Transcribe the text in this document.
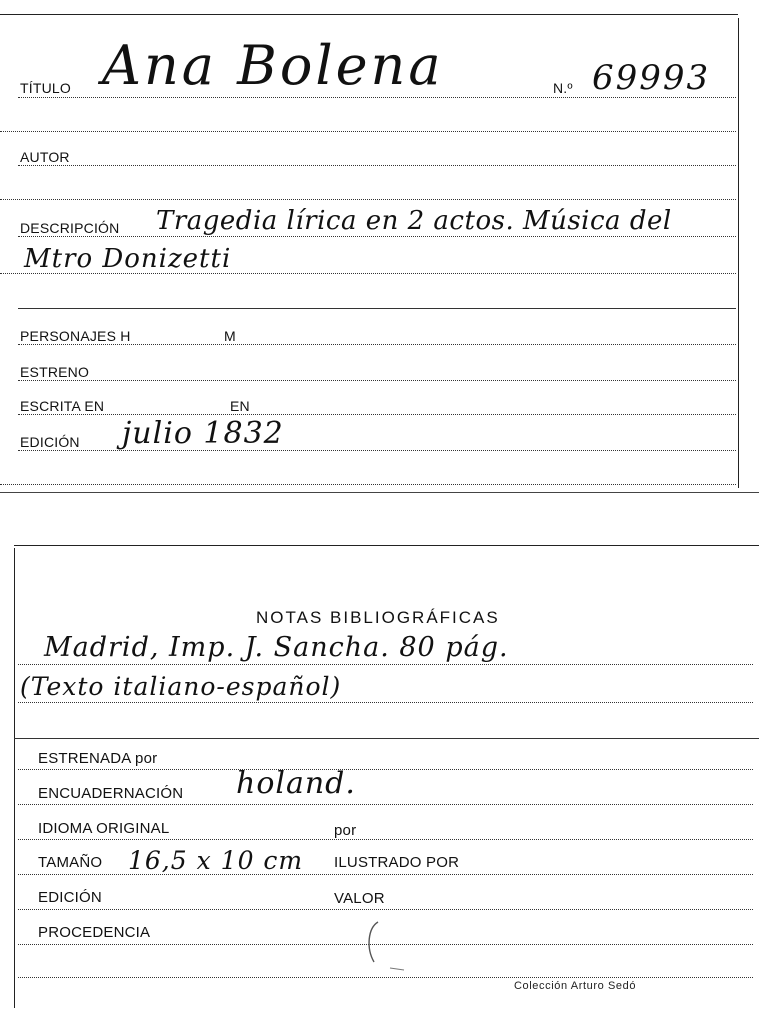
TÍTULO Ana Bolena	N.º 69993
AUTOR
DESCRIPCIÓN Tragedia lírica en 2 actos. Música del
Mtro Donizetti
PERSONAJES H	M
ESTRENO
ESCRITA EN	EN
EDICIÓN julio 1832
NOTAS BIBLIOGRÁFICAS
Madrid, Imp. J. Sancha. 80 pág.
(Texto italiano-español)
ESTRENADA por
ENCUADERNACIÓN holand.
IDIOMA ORIGINAL	por
TAMAÑO 16,5 x 10 cm ILUSTRADO POR
EDICIÓN	VALOR
PROCEDENCIA
Colección Arturo Sedó
